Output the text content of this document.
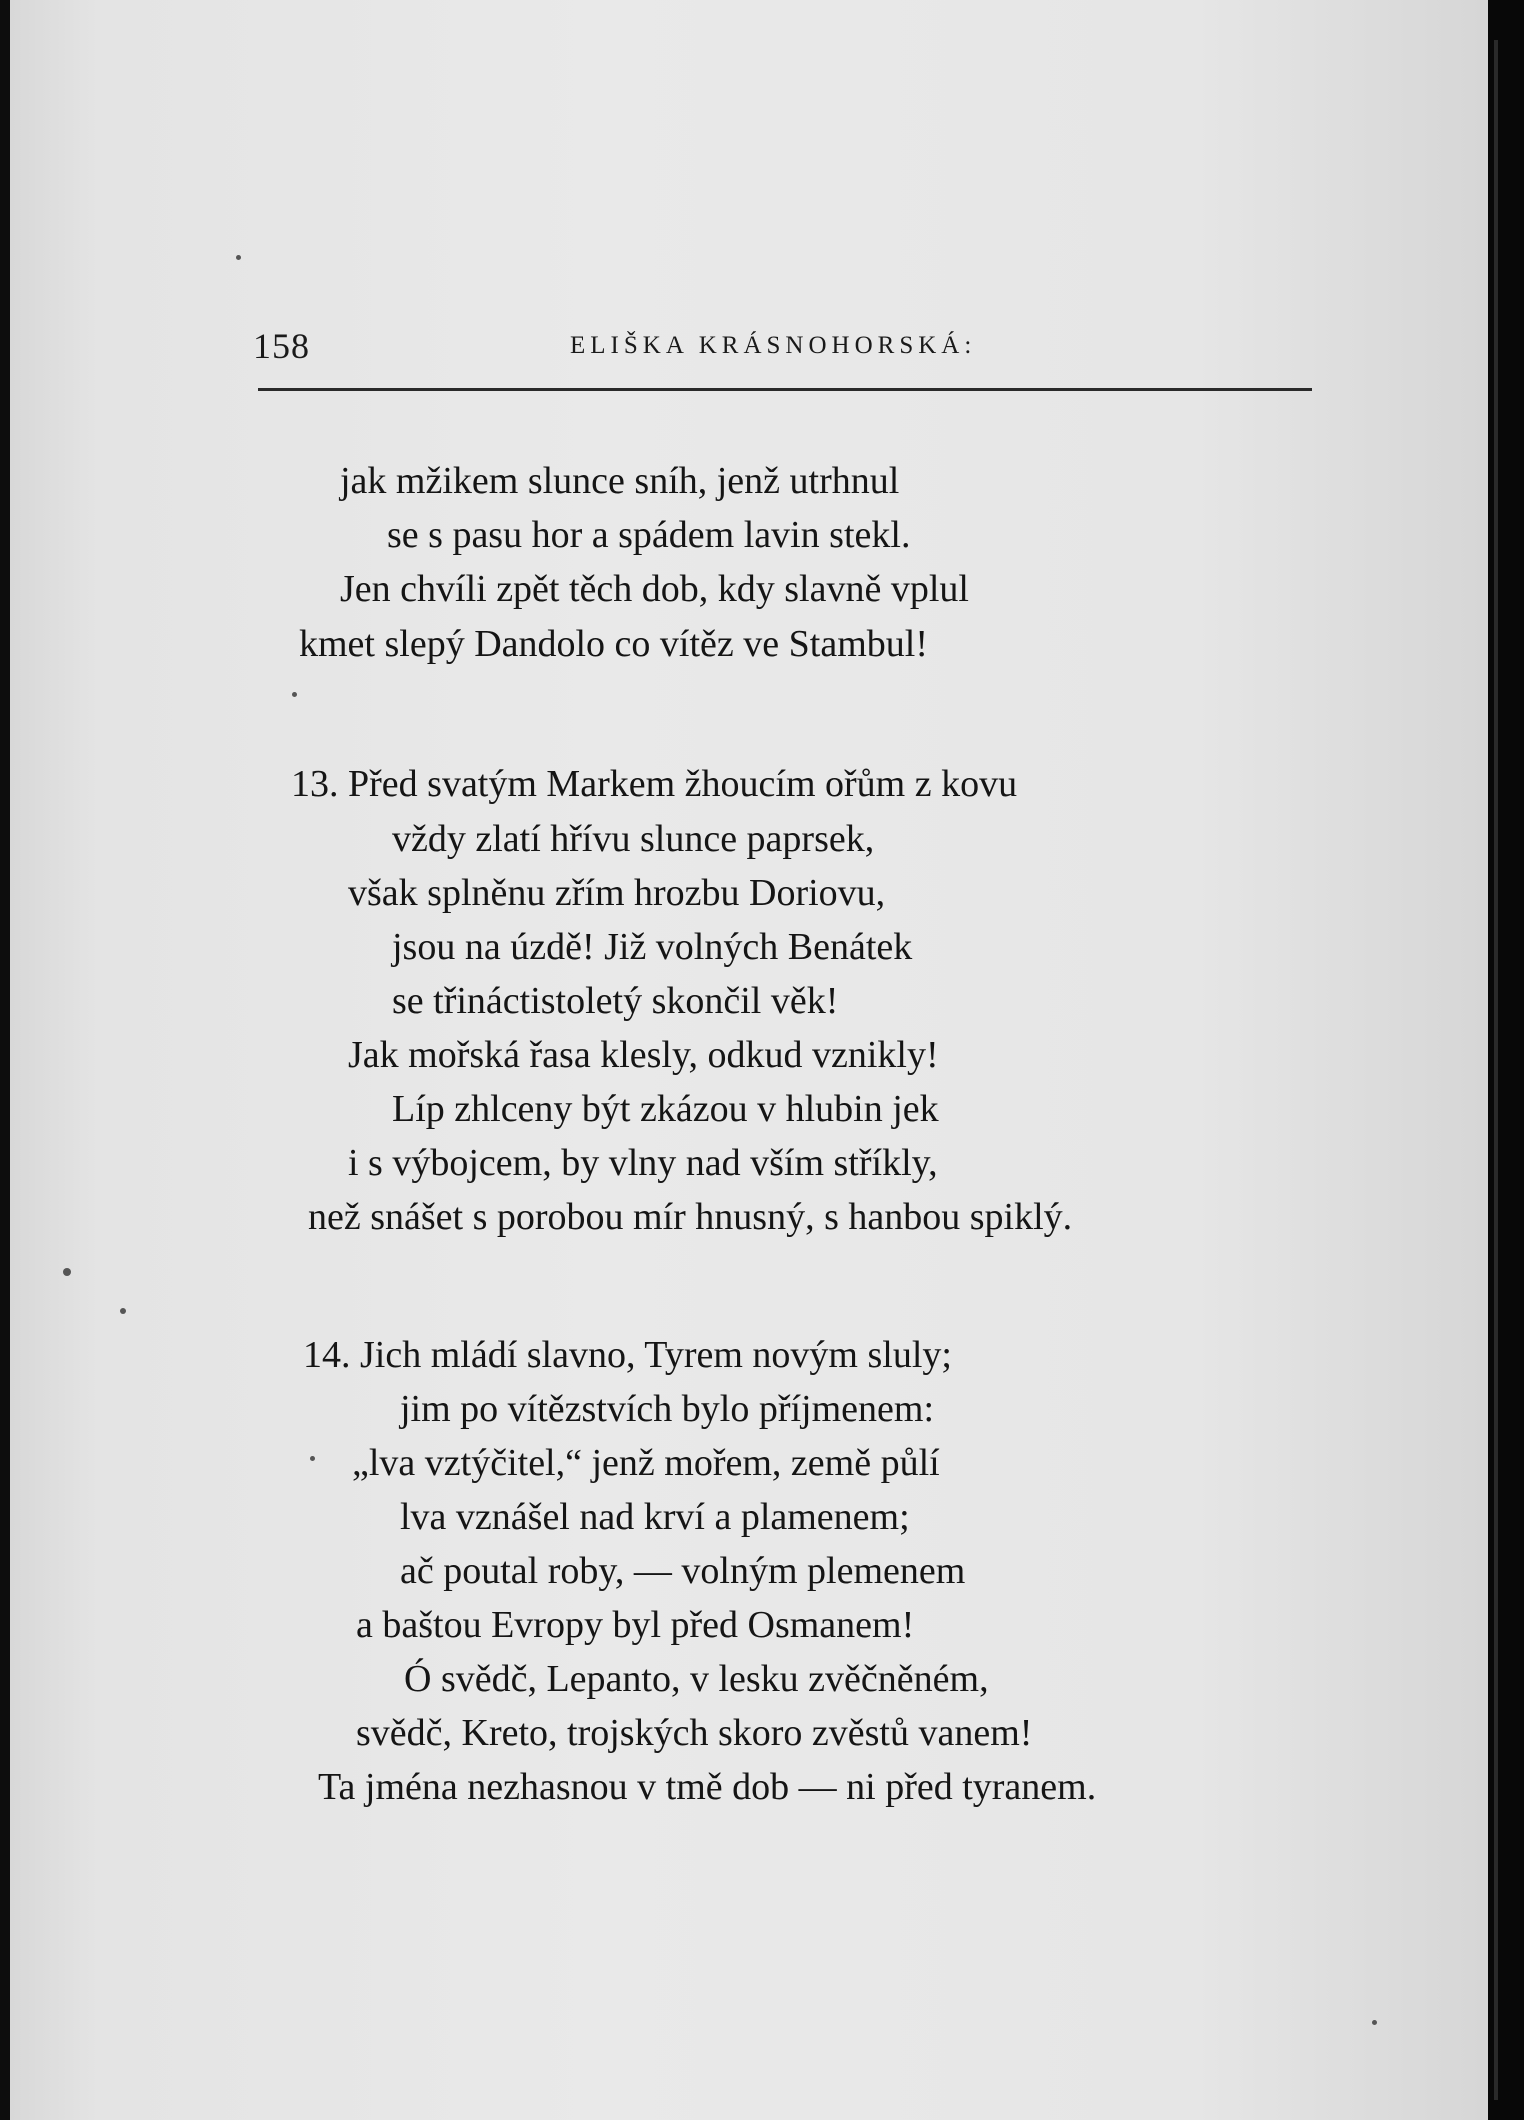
158	ELIŠKA KRÁSNOHORSKÁ:
jak mžikem slunce sníh, jenž utrhnul
se s pasu hor a spádem lavin stekl.
Jen chvíli zpět těch dob, kdy slavně vplul
kmet slepý Dandolo co vítěz ve Stambul!
13. Před svatým Markem žhoucím ořům z kovu
vždy zlatí hřívu slunce paprsek,
však splněnu zřím hrozbu Doriovu,
jsou na úzdě! Již volných Benátek
se třináctistoletý skončil věk!
Jak mořská řasa klesly, odkud vznikly!
Líp zhlceny být zkázou v hlubin jek
i s výbojcem, by vlny nad vším stříkly,
než snášet s porobou mír hnusný, s hanbou spiklý.
14. Jich mládí slavno, Tyrem novým sluly;
jim po vítězstvích bylo příjmenem:
„lva vztýčitel,“ jenž mořem, země půlí
lva vznášel nad krví a plamenem;
ač poutal roby, — volným plemenem
a baštou Evropy byl před Osmanem!
Ó svědč, Lepanto, v lesku zvěčněném,
svědč, Kreto, trojských skoro zvěstů vanem!
Ta jména nezhasnou v tmě dob — ni před tyranem.
